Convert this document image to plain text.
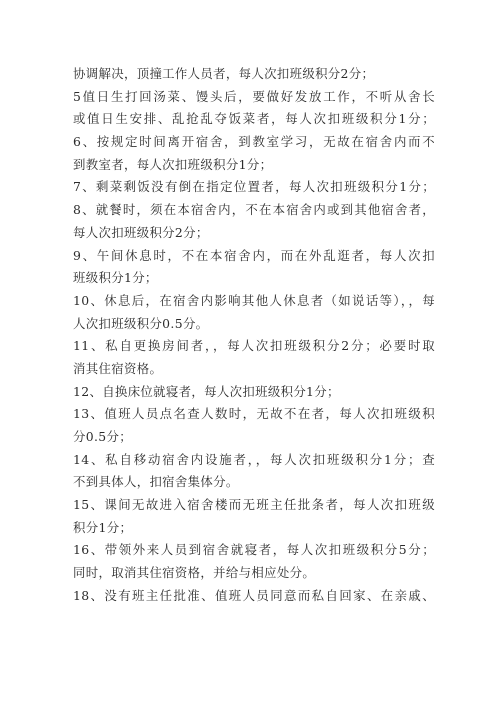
协调解决，顶撞工作人员者，每人次扣班级积分2分；
5值日生打回汤菜、馒头后，要做好发放工作，不听从舍长
或值日生安排、乱抢乱夺饭菜者，每人次扣班级积分1分；
6、按规定时间离开宿舍，到教室学习，无故在宿舍内而不
到教室者，每人次扣班级积分1分；
7、剩菜剩饭没有倒在指定位置者，每人次扣班级积分1分；
8、就餐时，须在本宿舍内，不在本宿舍内或到其他宿舍者，
每人次扣班级积分2分；
9、午间休息时，不在本宿舍内，而在外乱逛者，每人次扣
班级积分1分；
10、休息后，在宿舍内影响其他人休息者（如说话等），，每
人次扣班级积分0.5分。
11、私自更换房间者，，每人次扣班级积分2分；必要时取
消其住宿资格。
12、自换床位就寝者，每人次扣班级积分1分；
13、值班人员点名查人数时，无故不在者，每人次扣班级积
分0.5分；
14、私自移动宿舍内设施者，，每人次扣班级积分1分；查
不到具体人，扣宿舍集体分。
15、课间无故进入宿舍楼而无班主任批条者，每人次扣班级
积分1分；
16、带领外来人员到宿舍就寝者，每人次扣班级积分5分；
同时，取消其住宿资格，并给与相应处分。
18、没有班主任批准、值班人员同意而私自回家、在亲戚、
